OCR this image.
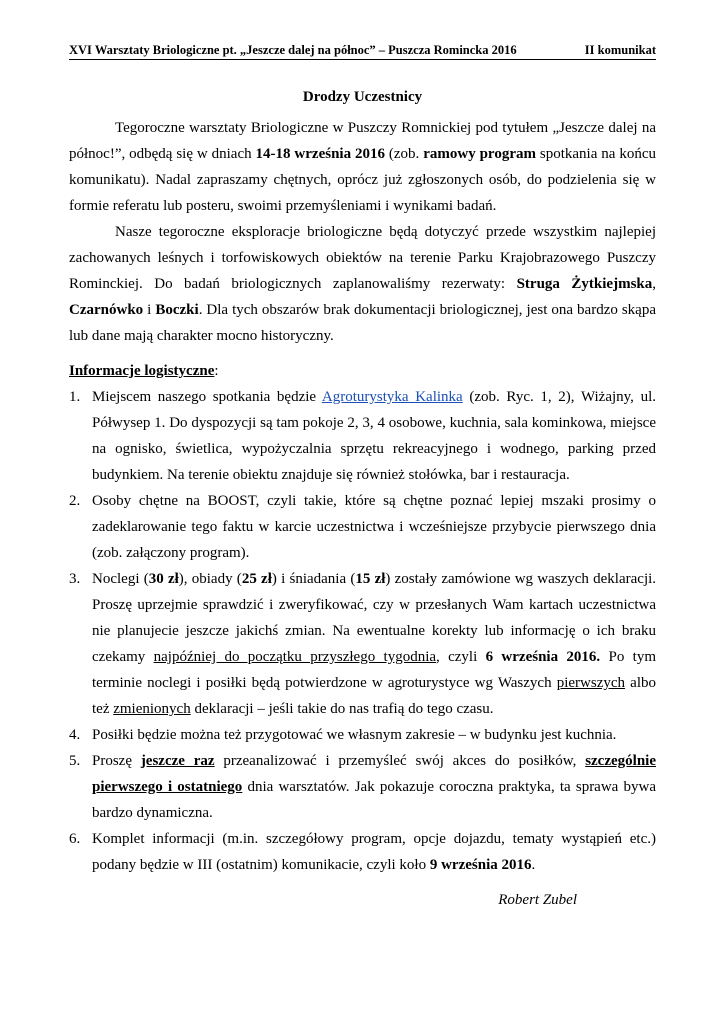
XVI Warsztaty Briologiczne pt. „Jeszcze dalej na północ” – Puszcza Romincka 2016	II komunikat
Drodzy Uczestnicy

Tegoroczne warsztaty Briologiczne w Puszczy Romnickiej pod tytułem „Jeszcze dalej na północ!”, odbędą się w dniach 14-18 września 2016 (zob. ramowy program spotkania na końcu komunikatu). Nadal zapraszamy chętnych, oprócz już zgłoszonych osób, do podzielenia się w formie referatu lub posteru, swoimi przemyśleniami i wynikami badań.

Nasze tegoroczne eksploracje briologiczne będą dotyczyć przede wszystkim najlepiej zachowanych leśnych i torfowiskowych obiektów na terenie Parku Krajobrazowego Puszczy Rominckiej. Do badań briologicznych zaplanowaliśmy rezerwaty: Struga Żytkiejmska, Czarnówko i Boczki. Dla tych obszarów brak dokumentacji briologicznej, jest ona bardzo skąpa lub dane mają charakter mocno historyczny.

Informacje logistyczne:

1. Miejscem naszego spotkania będzie Agroturystyka Kalinka (zob. Ryc. 1, 2), Wiżajny, ul. Półwysep 1. Do dyspozycji są tam pokoje 2, 3, 4 osobowe, kuchnia, sala kominkowa, miejsce na ognisko, świetlica, wypożyczalnia sprzętu rekreacyjnego i wodnego, parking przed budynkiem. Na terenie obiektu znajduje się również stołówka, bar i restauracja.
2. Osoby chętne na BOOST, czyli takie, które są chętne poznać lepiej mszaki prosimy o zadeklarowanie tego faktu w karcie uczestnictwa i wcześniejsze przybycie pierwszego dnia (zob. załączony program).
3. Noclegi (30 zł), obiady (25 zł) i śniadania (15 zł) zostały zamówione wg waszych deklaracji. Proszę uprzejmie sprawdzić i zweryfikować, czy w przesłanych Wam kartach uczestnictwa nie planujecie jeszcze jakichś zmian. Na ewentualne korekty lub informację o ich braku czekamy najpóźniej do początku przyszłego tygodnia, czyli 6 września 2016. Po tym terminie noclegi i posiłki będą potwierdzone w agroturystyce wg Waszych pierwszych albo też zmienionych deklaracji – jeśli takie do nas trafią do tego czasu.
4. Posiłki będzie można też przygotować we własnym zakresie – w budynku jest kuchnia.
5. Proszę jeszcze raz przeanalizować i przemyśleć swój akces do posiłków, szczególnie pierwszego i ostatniego dnia warsztatów. Jak pokazuje coroczna praktyka, ta sprawa bywa bardzo dynamiczna.
6. Komplet informacji (m.in. szczegółowy program, opcje dojazdu, tematy wystąpień etc.) podany będzie w III (ostatnim) komunikacie, czyli koło 9 września 2016.
Robert Zubel
